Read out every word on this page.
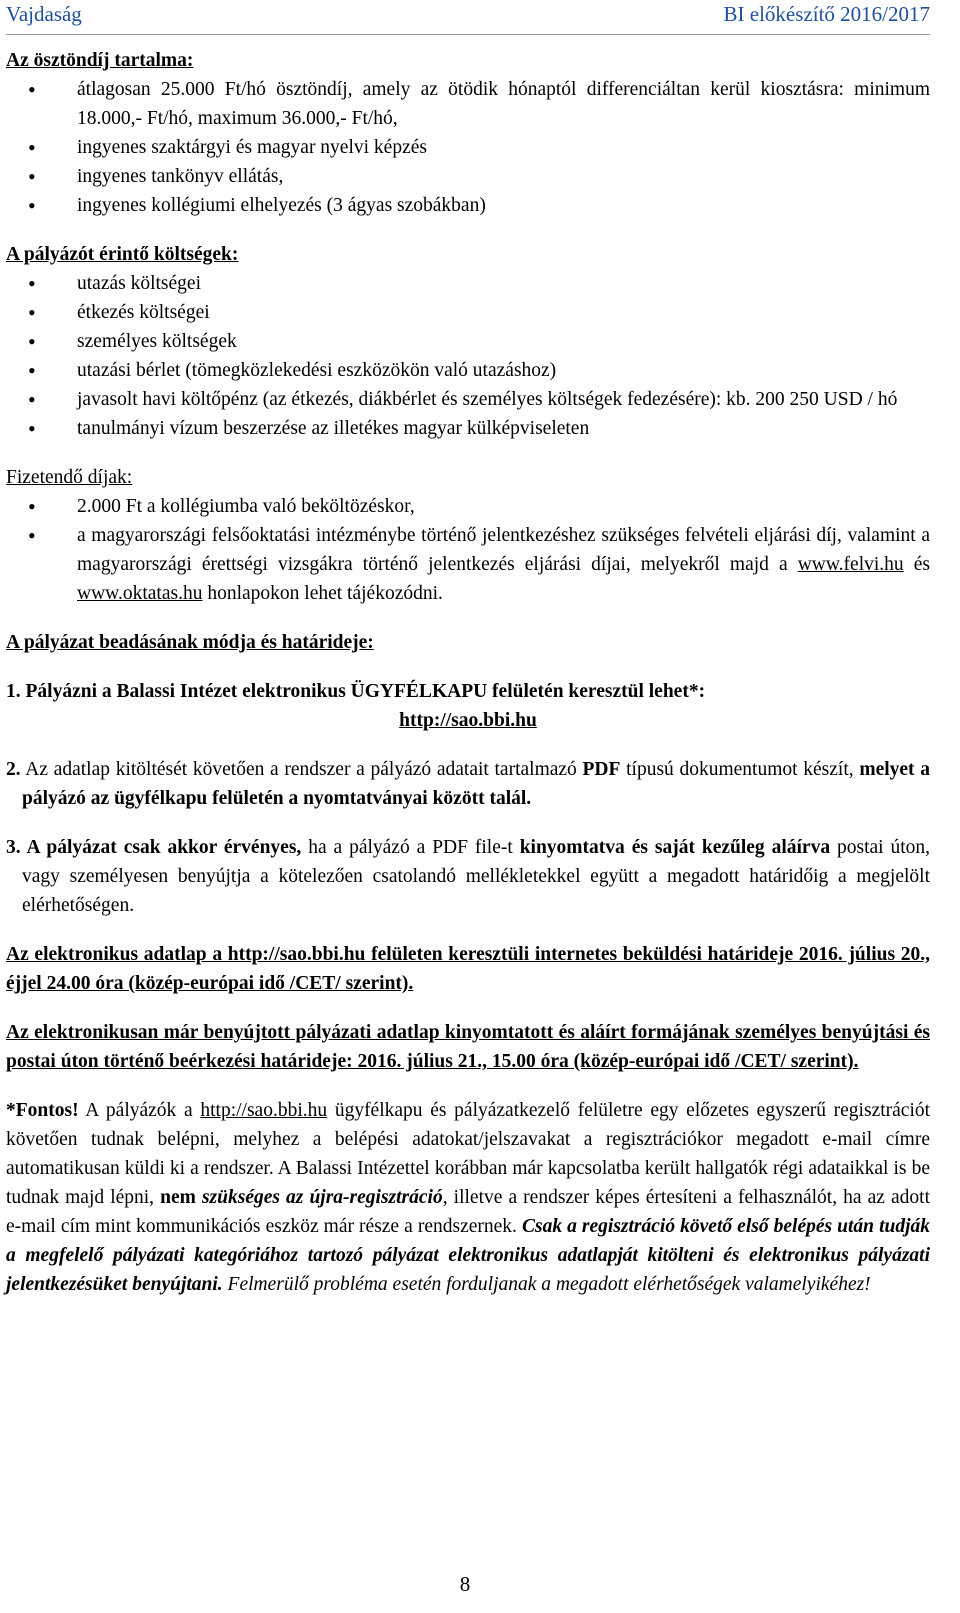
Vajdaság	BI előkészítő 2016/2017

Az ösztöndíj tartalma:

• átlagosan 25.000 Ft/hó ösztöndíj, amely az ötödik hónaptól differenciáltan kerül kiosztásra: minimum 18.000,- Ft/hó, maximum 36.000,- Ft/hó,
• ingyenes szaktárgyi és magyar nyelvi képzés
• ingyenes tankönyv ellátás,
• ingyenes kollégiumi elhelyezés (3 ágyas szobákban)

A pályázót érintő költségek:

• utazás költségei
• étkezés költségei
• személyes költségek
• utazási bérlet (tömegközlekedési eszközökön való utazáshoz)
• javasolt havi költőpénz (az étkezés, diákbérlet és személyes költségek fedezésére): kb. 200 250 USD / hó
• tanulmányi vízum beszerzése az illetékes magyar külképviseleten

Fizetendő díjak:

• 2.000 Ft a kollégiumba való beköltözéskor,
• a magyarországi felsőoktatási intézménybe történő jelentkezéshez szükséges felvételi eljárási díj, valamint a magyarországi érettségi vizsgákra történő jelentkezés eljárási díjai, melyekről majd a www.felvi.hu és www.oktatas.hu honlapokon lehet tájékozódni.

A pályázat beadásának módja és határideje:

1. Pályázni a Balassi Intézet elektronikus ÜGYFÉLKAPU felületén keresztül lehet*:

http://sao.bbi.hu

2. Az adatlap kitöltését követően a rendszer a pályázó adatait tartalmazó PDF típusú dokumentumot készít, melyet a pályázó az ügyfélkapu felületén a nyomtatványai között talál.

3. A pályázat csak akkor érvényes, ha a pályázó a PDF file-t kinyomtatva és saját kezűleg aláírva postai úton, vagy személyesen benyújtja a kötelezően csatolandó mellékletekkel együtt a megadott határidőig a megjelölt elérhetőségen.

Az elektronikus adatlap a http://sao.bbi.hu felületen keresztüli internetes beküldési határideje 2016. július 20., éjjel 24.00 óra (közép-európai idő /CET/ szerint).

Az elektronikusan már benyújtott pályázati adatlap kinyomtatott és aláírt formájának személyes benyújtási és postai úton történő beérkezési határideje: 2016. július 21., 15.00 óra (közép-európai idő /CET/ szerint).

*Fontos! A pályázók a http://sao.bbi.hu ügyfélkapu és pályázatkezelő felületre egy előzetes egyszerű regisztrációt követően tudnak belépni, melyhez a belépési adatokat/jelszavakat a regisztrációkor megadott e-mail címre automatikusan küldi ki a rendszer. A Balassi Intézettel korábban már kapcsolatba került hallgatók régi adataikkal is be tudnak majd lépni, nem szükséges az újra-regisztráció, illetve a rendszer képes értesíteni a felhasználót, ha az adott e-mail cím mint kommunikációs eszköz már része a rendszernek. Csak a regisztráció követő első belépés után tudják a megfelelő pályázati kategóriához tartozó pályázat elektronikus adatlapját kitölteni és elektronikus pályázati jelentkezésüket benyújtani. Felmerülő probléma esetén forduljanak a megadott elérhetőségek valamelyikéhez!

8
